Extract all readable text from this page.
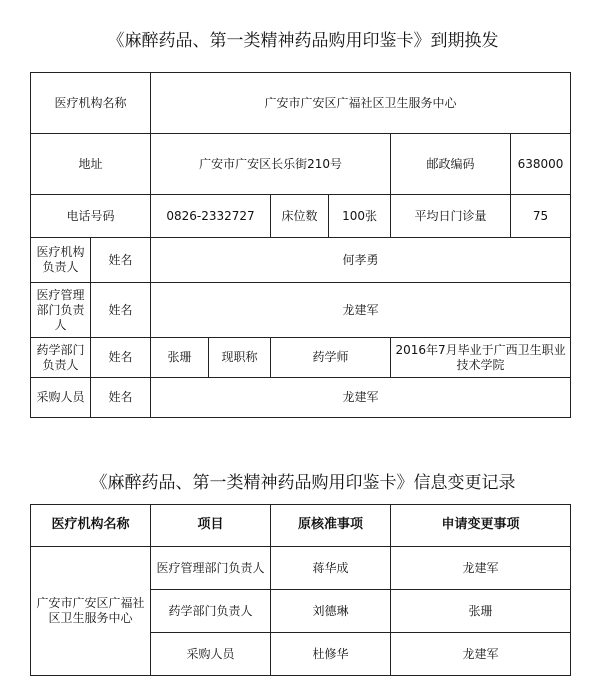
《麻醉药品、第一类精神药品购用印鉴卡》到期换发
医疗机构名称		广安市广安区广福社区卫生服务中心					
地址		广安市广安区长乐街210号				邮政编码	638000
电话号码		0826-2332727		床位数	100张	平均日门诊量	75
医疗机构负责人	姓名	何孝勇					
医疗管理部门负责人	姓名	龙建军					
药学部门负责人	姓名	张珊	现职称	药学师		2016年7月毕业于广西卫生职业技术学院	
采购人员	姓名	龙建军					
《麻醉药品、第一类精神药品购用印鉴卡》信息变更记录
医疗机构名称	项目	原核准事项	申请变更事项
广安市广安区广福社区卫生服务中心	医疗管理部门负责人	蒋华成	龙建军
	药学部门负责人	刘德琳	张珊
	采购人员	杜修华	龙建军
